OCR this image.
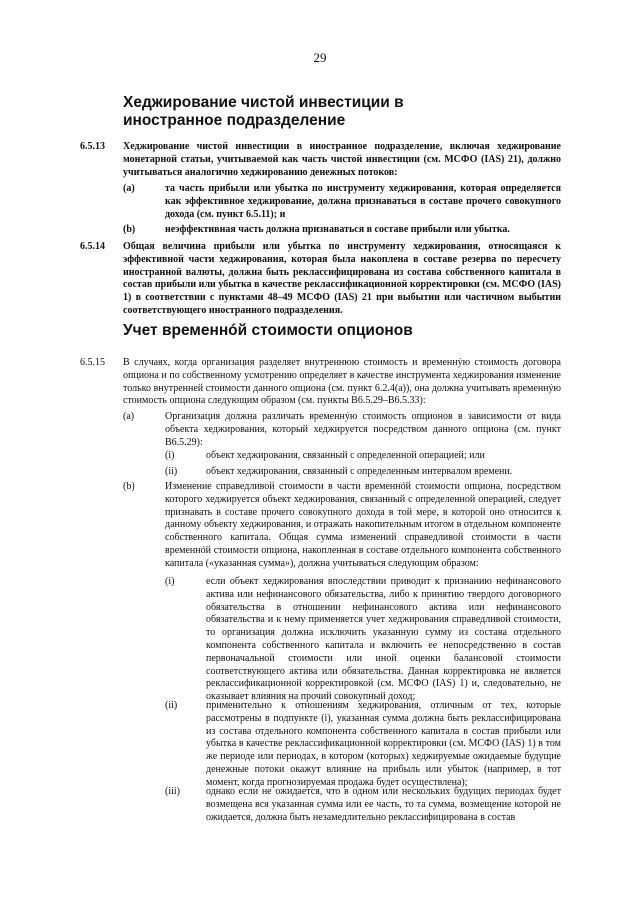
29
Хеджирование чистой инвестиции в иностранное подразделение
6.5.13 Хеджирование чистой инвестиции в иностранное подразделение, включая хеджирование монетарной статьи, учитываемой как часть чистой инвестиции (см. МСФО (IAS) 21), должно учитываться аналогично хеджированию денежных потоков:
(a)	та часть прибыли или убытка по инструменту хеджирования, которая определяется как эффективное хеджирование, должна признаваться в составе прочего совокупного дохода (см. пункт 6.5.11); и
(b)	неэффективная часть должна признаваться в составе прибыли или убытка.
6.5.14 Общая величина прибыли или убытка по инструменту хеджирования, относящаяся к эффективной части хеджирования, которая была накоплена в составе резерва по пересчету иностранной валюты, должна быть реклассифицирована из состава собственного капитала в состав прибыли или убытка в качестве реклассификационной корректировки (см. МСФО (IAS) 1) в соответствии с пунктами 48–49 МСФО (IAS) 21 при выбытии или частичном выбытии соответствующего иностранного подразделения.
Учет временнóй стоимости опционов
6.5.15 В случаях, когда организация разделяет внутреннюю стоимость и временнýю стоимость договора опциона и по собственному усмотрению определяет в качестве инструмента хеджирования изменение только внутренней стоимости данного опциона (см. пункт 6.2.4(a)), она должна учитывать временнýю стоимость опциона следующим образом (см. пункты B6.5.29–B6.5.33):
(a)	Организация должна различать временнýю стоимость опционов в зависимости от вида объекта хеджирования, который хеджируется посредством данного опциона (см. пункт B6.5.29):
(i)	объект хеджирования, связанный с определенной операцией; или
(ii)	объект хеджирования, связанный с определенным интервалом времени.
(b)	Изменение справедливой стоимости в части временнóй стоимости опциона, посредством которого хеджируется объект хеджирования, связанный с определенной операцией, следует признавать в составе прочего совокупного дохода в той мере, в которой оно относится к данному объекту хеджирования, и отражать накопительным итогом в отдельном компоненте собственного капитала. Общая сумма изменений справедливой стоимости в части временнóй стоимости опциона, накопленная в составе отдельного компонента собственного капитала («указанная сумма»), должна учитываться следующим образом:
(i)	если объект хеджирования впоследствии приводит к признанию нефинансового актива или нефинансового обязательства, либо к принятию твердого договорного обязательства в отношении нефинансового актива или нефинансового обязательства и к нему применяется учет хеджирования справедливой стоимости, то организация должна исключить указанную сумму из состава отдельного компонента собственного капитала и включить ее непосредственно в состав первоначальной стоимости или иной оценки балансовой стоимости соответствующего актива или обязательства. Данная корректировка не является реклассификационной корректировкой (см. МСФО (IAS) 1) и, следовательно, не оказывает влияния на прочий совокупный доход;
(ii)	применительно к отношениям хеджирования, отличным от тех, которые рассмотрены в подпункте (i), указанная сумма должна быть реклассифицирована из состава отдельного компонента собственного капитала в состав прибыли или убытка в качестве реклассификационной корректировки (см. МСФО (IAS) 1) в том же периоде или периодах, в котором (которых) хеджируемые ожидаемые будущие денежные потоки окажут влияние на прибыль или убыток (например, в тот момент, когда прогнозируемая продажа будет осуществлена);
(iii)	однако если не ожидается, что в одном или нескольких будущих периодах будет возмещена вся указанная сумма или ее часть, то та сумма, возмещение которой не ожидается, должна быть незамедлительно реклассифицирована в состав
